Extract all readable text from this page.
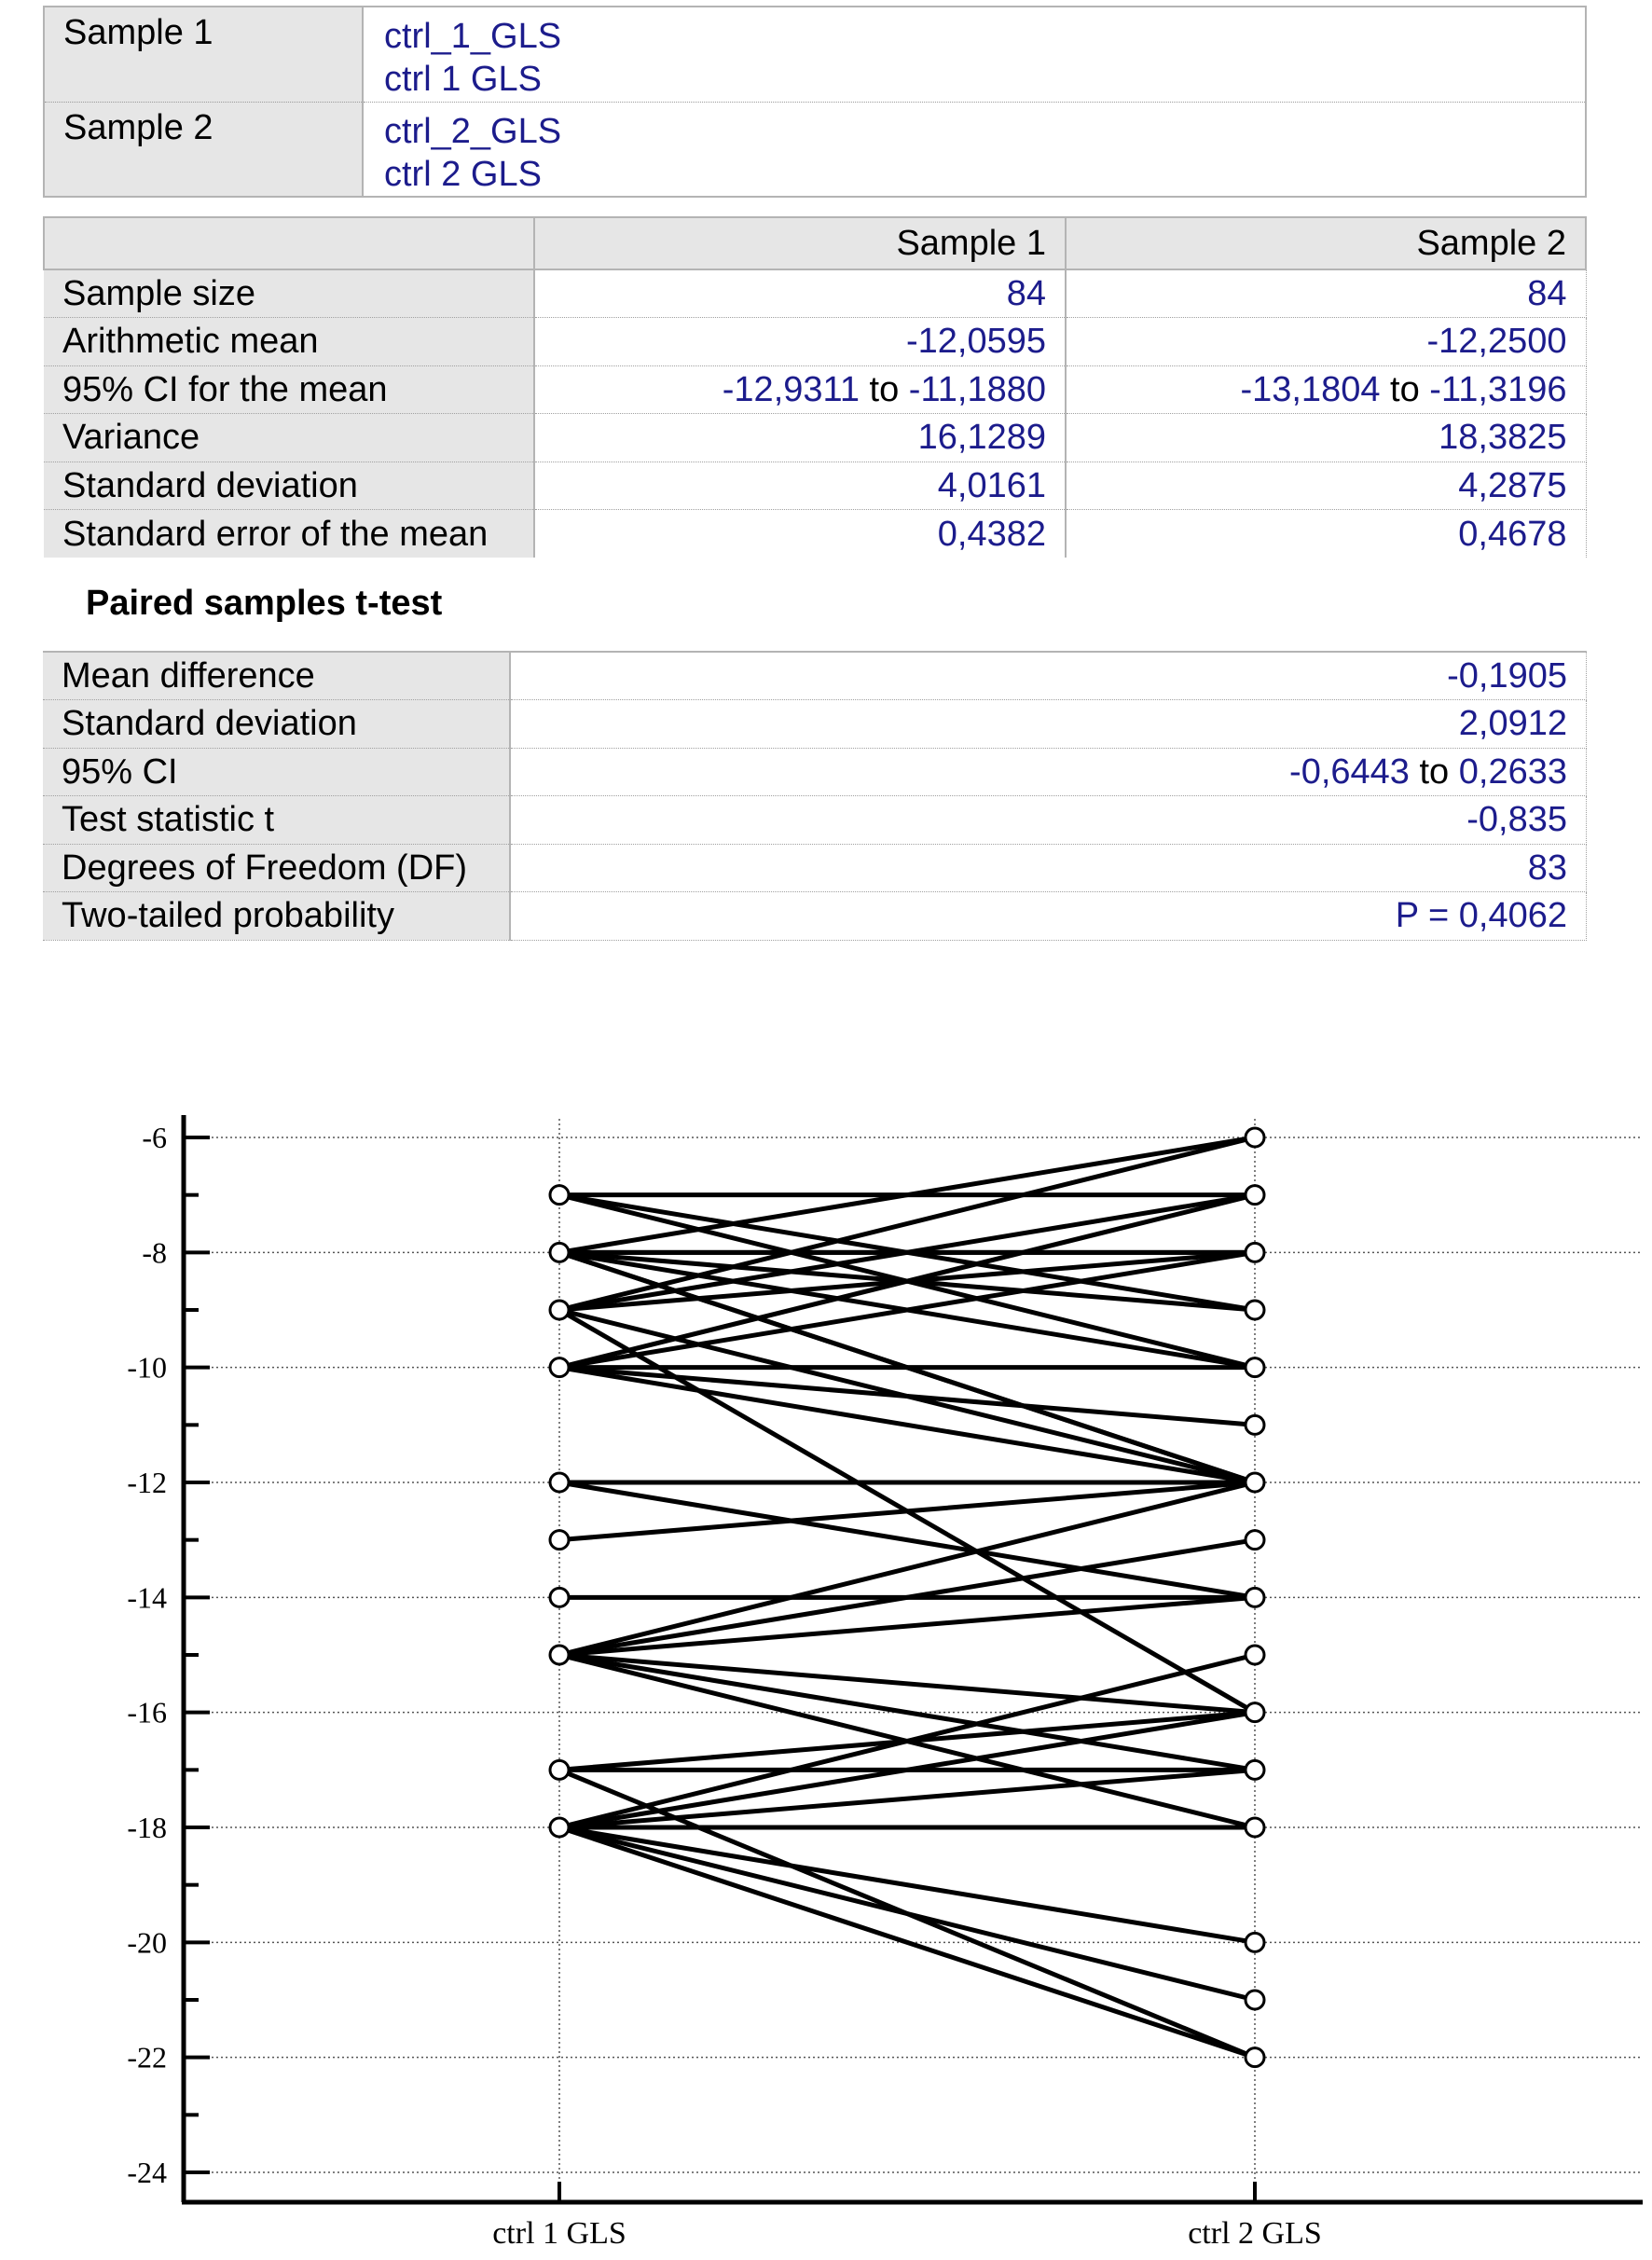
Sample 1	ctrl_1_GLS
ctrl 1 GLS

Sample 2	ctrl_2_GLS
ctrl 2 GLS
	Sample 1	Sample 2
Sample size	84	84
Arithmetic mean	-12,0595	-12,2500
95% CI for the mean	-12,9311 to -11,1880	-13,1804 to -11,3196
Variance	16,1289	18,3825
Standard deviation	4,0161	4,2875
Standard error of the mean	0,4382	0,4678
Paired samples t-test
Mean difference	-0,1905
Standard deviation	2,0912
95% CI	-0,6443 to 0,2633
Test statistic t	-0,835
Degrees of Freedom (DF)	83
Two-tailed probability	P = 0,4062
-6
-8
-10
-12
-14
-16
-18
-20
-22
-24
ctrl 1 GLS	ctrl 2 GLS
